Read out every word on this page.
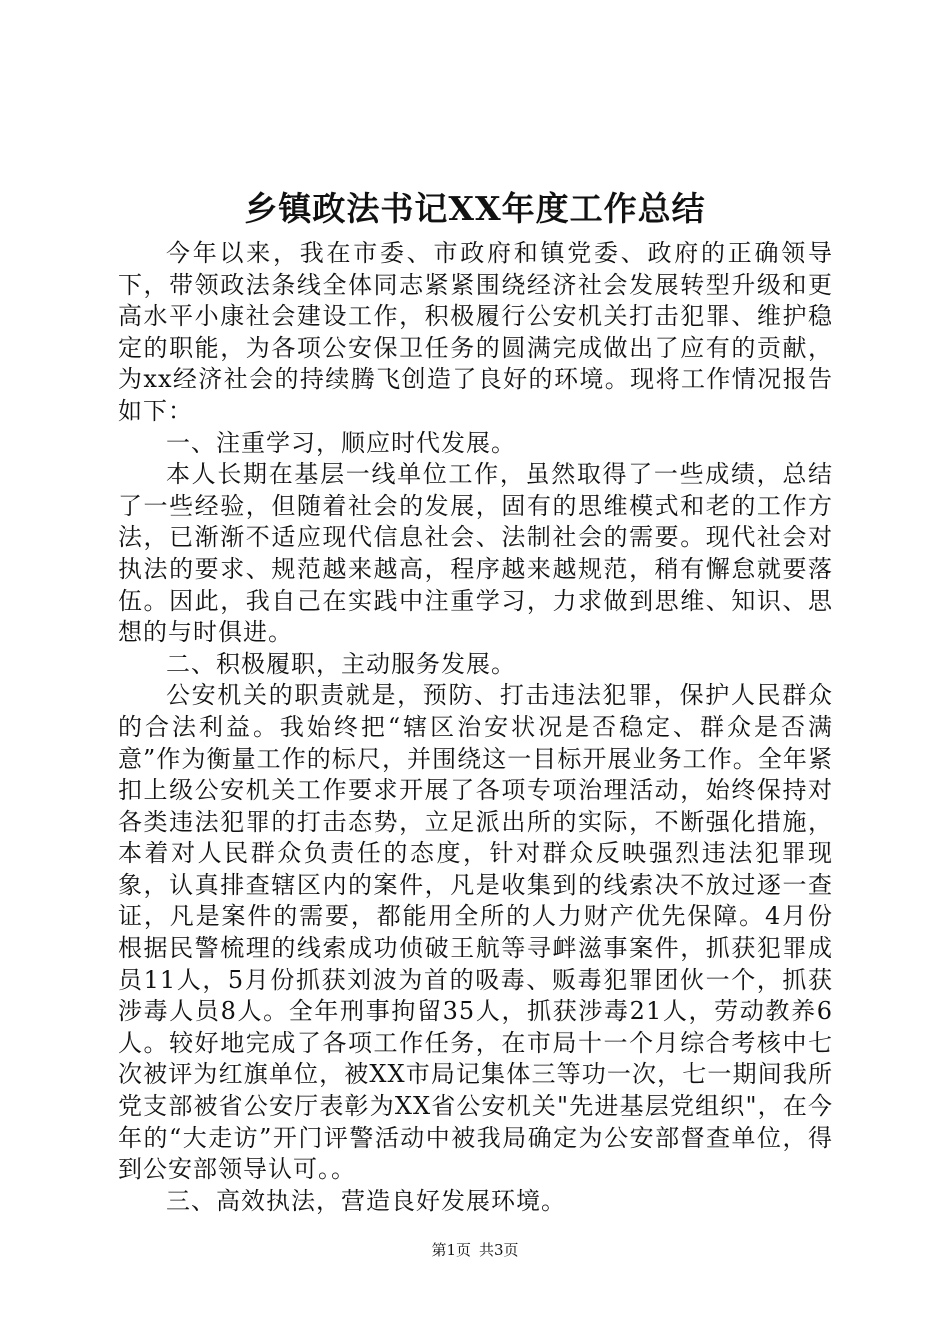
乡镇政法书记XX年度工作总结

今年以来，我在市委、市政府和镇党委、政府的正确领导下，带领政法条线全体同志紧紧围绕经济社会发展转型升级和更高水平小康社会建设工作，积极履行公安机关打击犯罪、维护稳定的职能，为各项公安保卫任务的圆满完成做出了应有的贡献，为xx经济社会的持续腾飞创造了良好的环境。现将工作情况报告如下：

一、注重学习，顺应时代发展。

本人长期在基层一线单位工作，虽然取得了一些成绩，总结了一些经验，但随着社会的发展，固有的思维模式和老的工作方法，已渐渐不适应现代信息社会、法制社会的需要。现代社会对执法的要求、规范越来越高，程序越来越规范，稍有懈怠就要落伍。因此，我自己在实践中注重学习，力求做到思维、知识、思想的与时俱进。

二、积极履职，主动服务发展。

公安机关的职责就是，预防、打击违法犯罪，保护人民群众的合法利益。我始终把“辖区治安状况是否稳定、群众是否满意”作为衡量工作的标尺，并围绕这一目标开展业务工作。全年紧扣上级公安机关工作要求开展了各项专项治理活动，始终保持对各类违法犯罪的打击态势，立足派出所的实际，不断强化措施，本着对人民群众负责任的态度，针对群众反映强烈违法犯罪现象，认真排查辖区内的案件，凡是收集到的线索决不放过逐一查证，凡是案件的需要，都能用全所的人力财产优先保障。4月份根据民警梳理的线索成功侦破王航等寻衅滋事案件，抓获犯罪成员11人，5月份抓获刘波为首的吸毒、贩毒犯罪团伙一个，抓获涉毒人员8人。全年刑事拘留35人，抓获涉毒21人，劳动教养6人。较好地完成了各项工作任务，在市局十一个月综合考核中七次被评为红旗单位，被XX市局记集体三等功一次，七一期间我所党支部被省公安厅表彰为XX省公安机关"先进基层党组织"，在今年的“大走访”开门评警活动中被我局确定为公安部督查单位，得到公安部领导认可。。

三、高效执法，营造良好发展环境。

第1页 共3页
